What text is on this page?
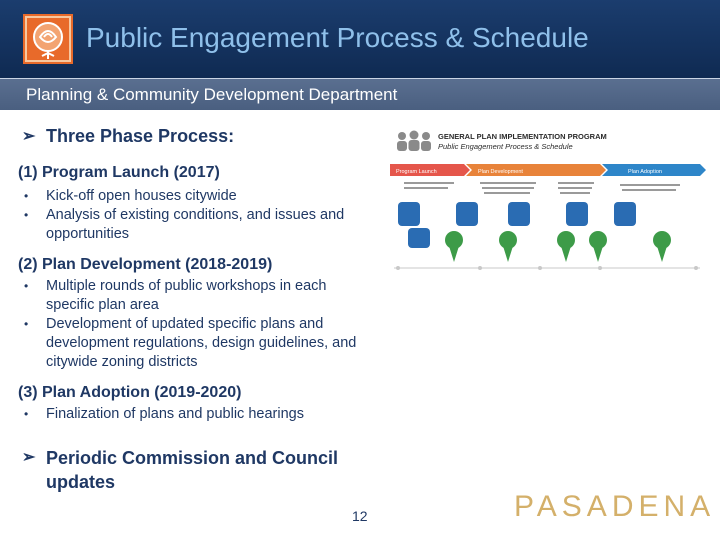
Public Engagement Process & Schedule
Planning & Community Development Department
➢ Three Phase Process:
(1) Program Launch (2017)
• Kick-off open houses citywide
• Analysis of existing conditions, and issues and opportunities
(2) Plan Development (2018-2019)
• Multiple rounds of public workshops in each specific plan area
• Development of updated specific plans and development regulations, design guidelines, and citywide zoning districts
(3) Plan Adoption (2019-2020)
• Finalization of plans and public hearings
➢ Periodic Commission and Council updates
GENERAL PLAN IMPLEMENTATION PROGRAM
Public Engagement Process & Schedule
Program Launch	Plan Development	Plan Adoption
12	PASADENA
